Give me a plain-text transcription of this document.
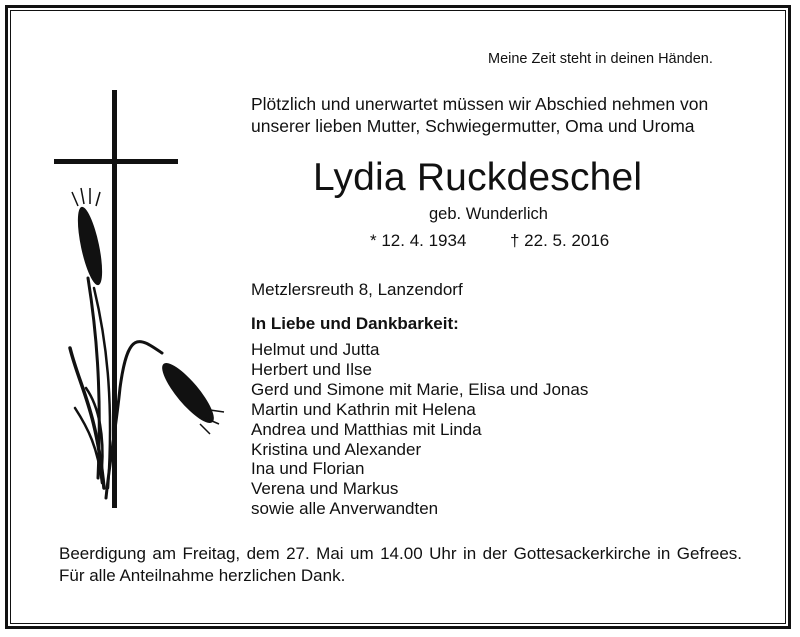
Meine Zeit steht in deinen Händen.
Plötzlich und unerwartet müssen wir Abschied nehmen von
unserer lieben Mutter, Schwiegermutter, Oma und Uroma
Lydia Ruckdeschel
geb. Wunderlich
* 12. 4. 1934	† 22. 5. 2016
Metzlersreuth 8, Lanzendorf
In Liebe und Dankbarkeit:
Helmut und Jutta
Herbert und Ilse
Gerd und Simone mit Marie, Elisa und Jonas
Martin und Kathrin mit Helena
Andrea und Matthias mit Linda
Kristina und Alexander
Ina und Florian
Verena und Markus
sowie alle Anverwandten
Beerdigung am Freitag, dem 27. Mai um 14.00 Uhr in der Gottesackerkirche in Gefrees. Für alle Anteilnahme herzlichen Dank.
